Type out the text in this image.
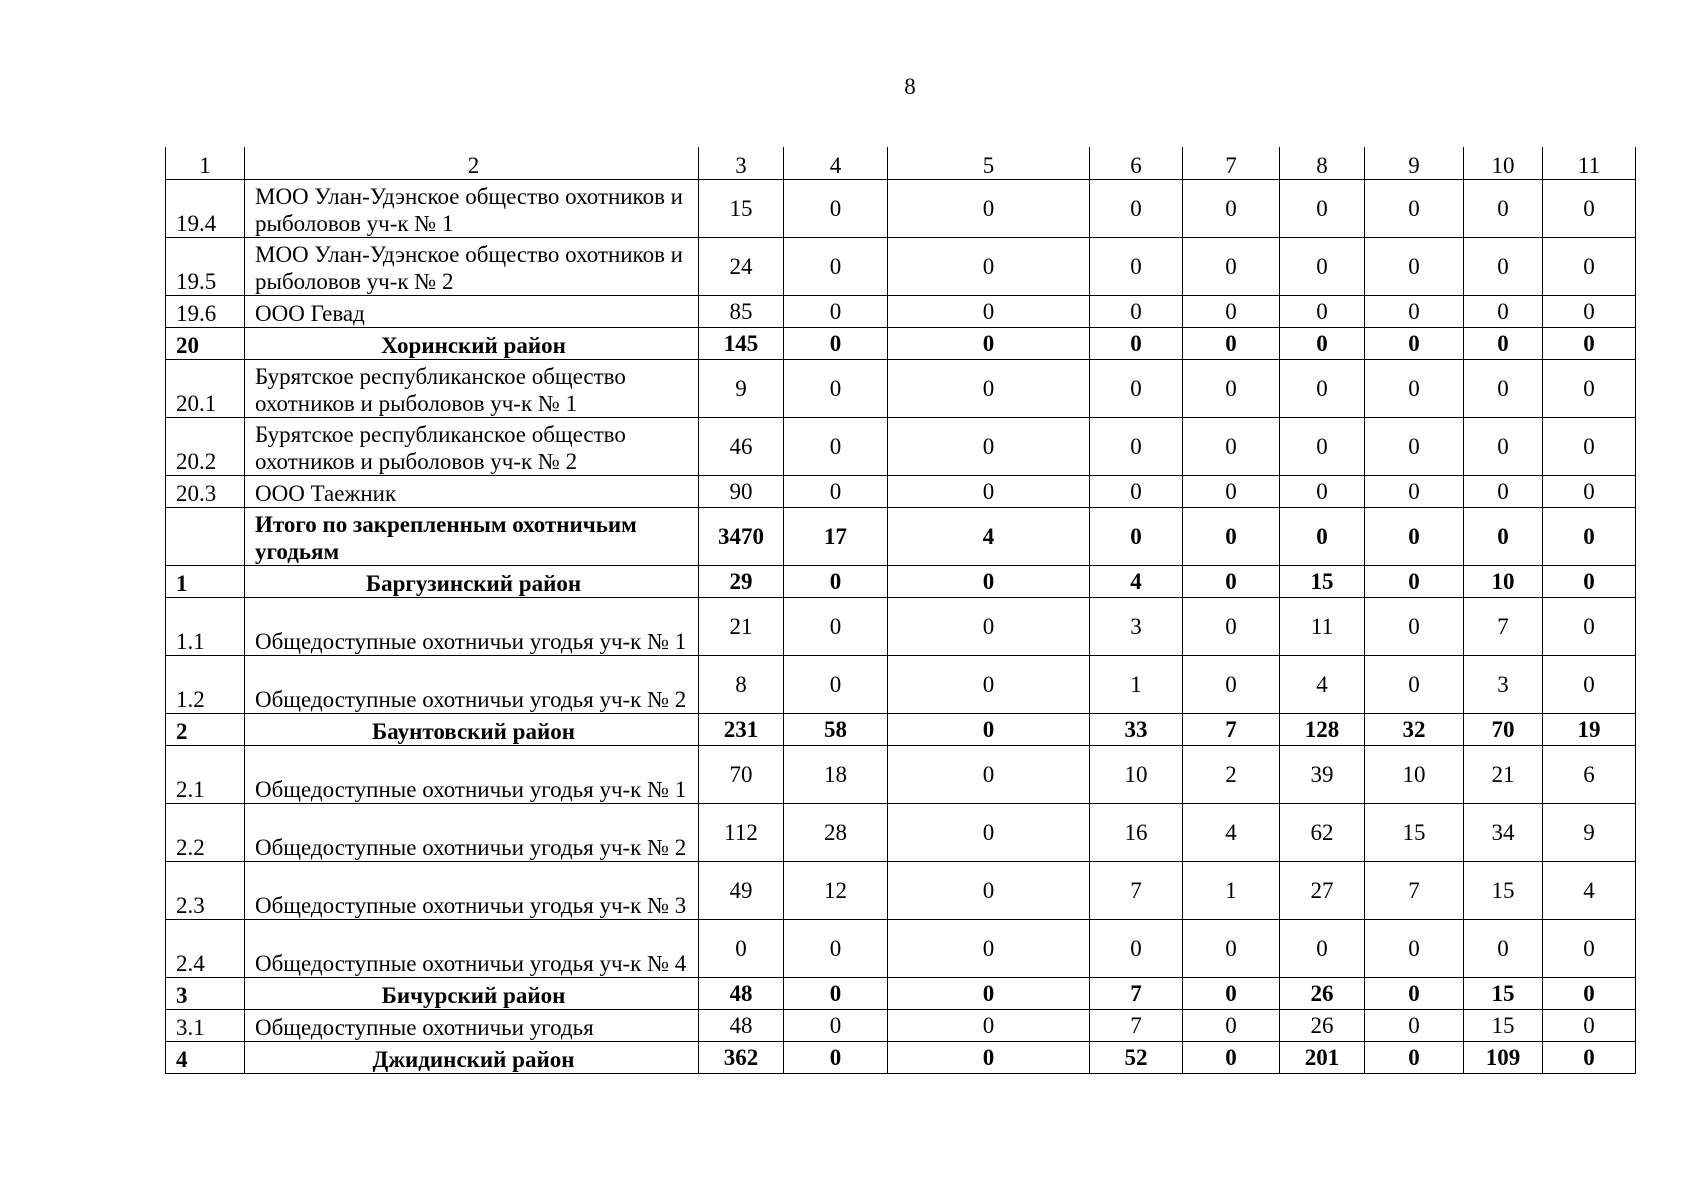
8
1	2	3	4	5	6	7	8	9	10	11
19.4	МОО Улан-Удэнское общество охотников и рыболовов уч-к № 1	15	0	0	0	0	0	0	0	0
19.5	МОО Улан-Удэнское общество охотников и рыболовов уч-к № 2	24	0	0	0	0	0	0	0	0
19.6	ООО Гевад	85	0	0	0	0	0	0	0	0
20	Хоринский район	145	0	0	0	0	0	0	0	0
20.1	Бурятское республиканское общество охотников и рыболовов уч-к № 1	9	0	0	0	0	0	0	0	0
20.2	Бурятское республиканское общество охотников и рыболовов уч-к № 2	46	0	0	0	0	0	0	0	0
20.3	ООО Таежник	90	0	0	0	0	0	0	0	0
	Итого по закрепленным охотничьим угодьям	3470	17	4	0	0	0	0	0	0
1	Баргузинский район	29	0	0	4	0	15	0	10	0
1.1	Общедоступные охотничьи угодья уч-к № 1	21	0	0	3	0	11	0	7	0
1.2	Общедоступные охотничьи угодья уч-к № 2	8	0	0	1	0	4	0	3	0
2	Баунтовский район	231	58	0	33	7	128	32	70	19
2.1	Общедоступные охотничьи угодья уч-к № 1	70	18	0	10	2	39	10	21	6
2.2	Общедоступные охотничьи угодья уч-к № 2	112	28	0	16	4	62	15	34	9
2.3	Общедоступные охотничьи угодья уч-к № 3	49	12	0	7	1	27	7	15	4
2.4	Общедоступные охотничьи угодья уч-к № 4	0	0	0	0	0	0	0	0	0
3	Бичурский район	48	0	0	7	0	26	0	15	0
3.1	Общедоступные охотничьи угодья	48	0	0	7	0	26	0	15	0
4	Джидинский район	362	0	0	52	0	201	0	109	0
